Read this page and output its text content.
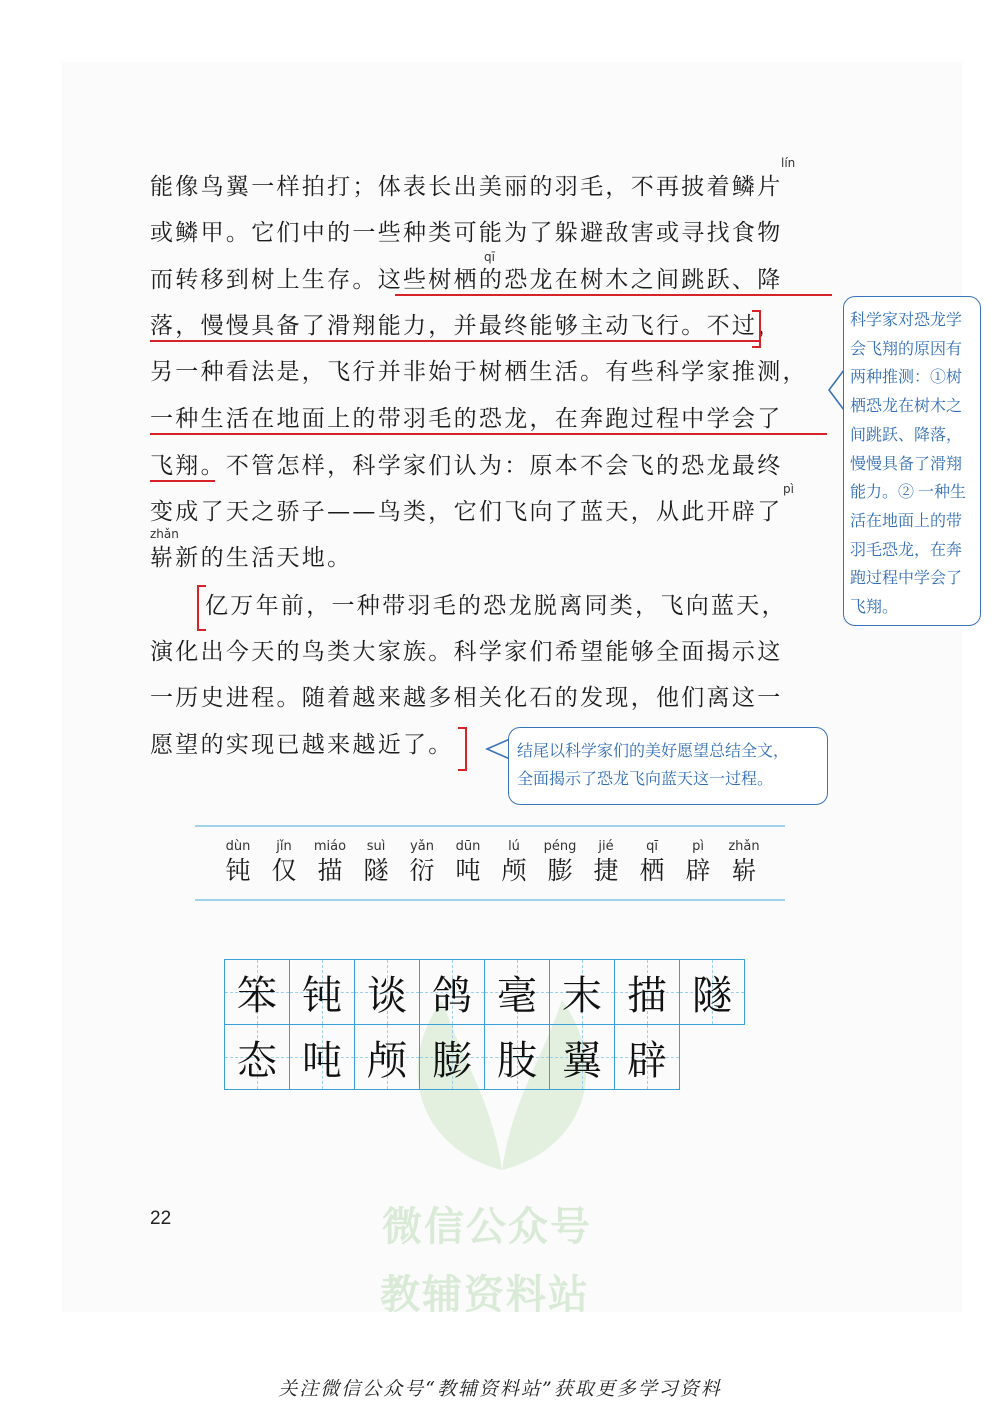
lín
qī
pì
zhǎn
能像鸟翼一样拍打；体表长出美丽的羽毛，不再披着鳞片
或鳞甲。它们中的一些种类可能为了躲避敌害或寻找食物
而转移到树上生存。这些树栖的恐龙在树木之间跳跃、降
落，慢慢具备了滑翔能力，并最终能够主动飞行。不过，
另一种看法是，飞行并非始于树栖生活。有些科学家推测，
一种生活在地面上的带羽毛的恐龙，在奔跑过程中学会了
飞翔。不管怎样，科学家们认为：原本不会飞的恐龙最终
变成了天之骄子——鸟类，它们飞向了蓝天，从此开辟了
崭新的生活天地。
亿万年前，一种带羽毛的恐龙脱离同类，飞向蓝天，
演化出今天的鸟类大家族。科学家们希望能够全面揭示这
一历史进程。随着越来越多相关化石的发现，他们离这一
愿望的实现已越来越近了。
科学家对恐龙学
会飞翔的原因有
两种推测：①树
栖恐龙在树木之
间跳跃、降落，
慢慢具备了滑翔
能力。② 一种生
活在地面上的带
羽毛恐龙，在奔
跑过程中学会了
飞翔。
结尾以科学家们的美好愿望总结全文，
全面揭示了恐龙飞向蓝天这一过程。
dùn
钝
jǐn
仅
miáo
描
suì
隧
yǎn
衍
dūn
吨
lú
颅
péng
膨
jié
捷
qī
栖
pì
辟
zhǎn
崭
笨 钝 谈 鸽 毫 末 描 隧
态 吨 颅 膨 肢 翼 辟
22	微信公众号
教辅资料站
关注微信公众号“教辅资料站”获取更多学习资料
